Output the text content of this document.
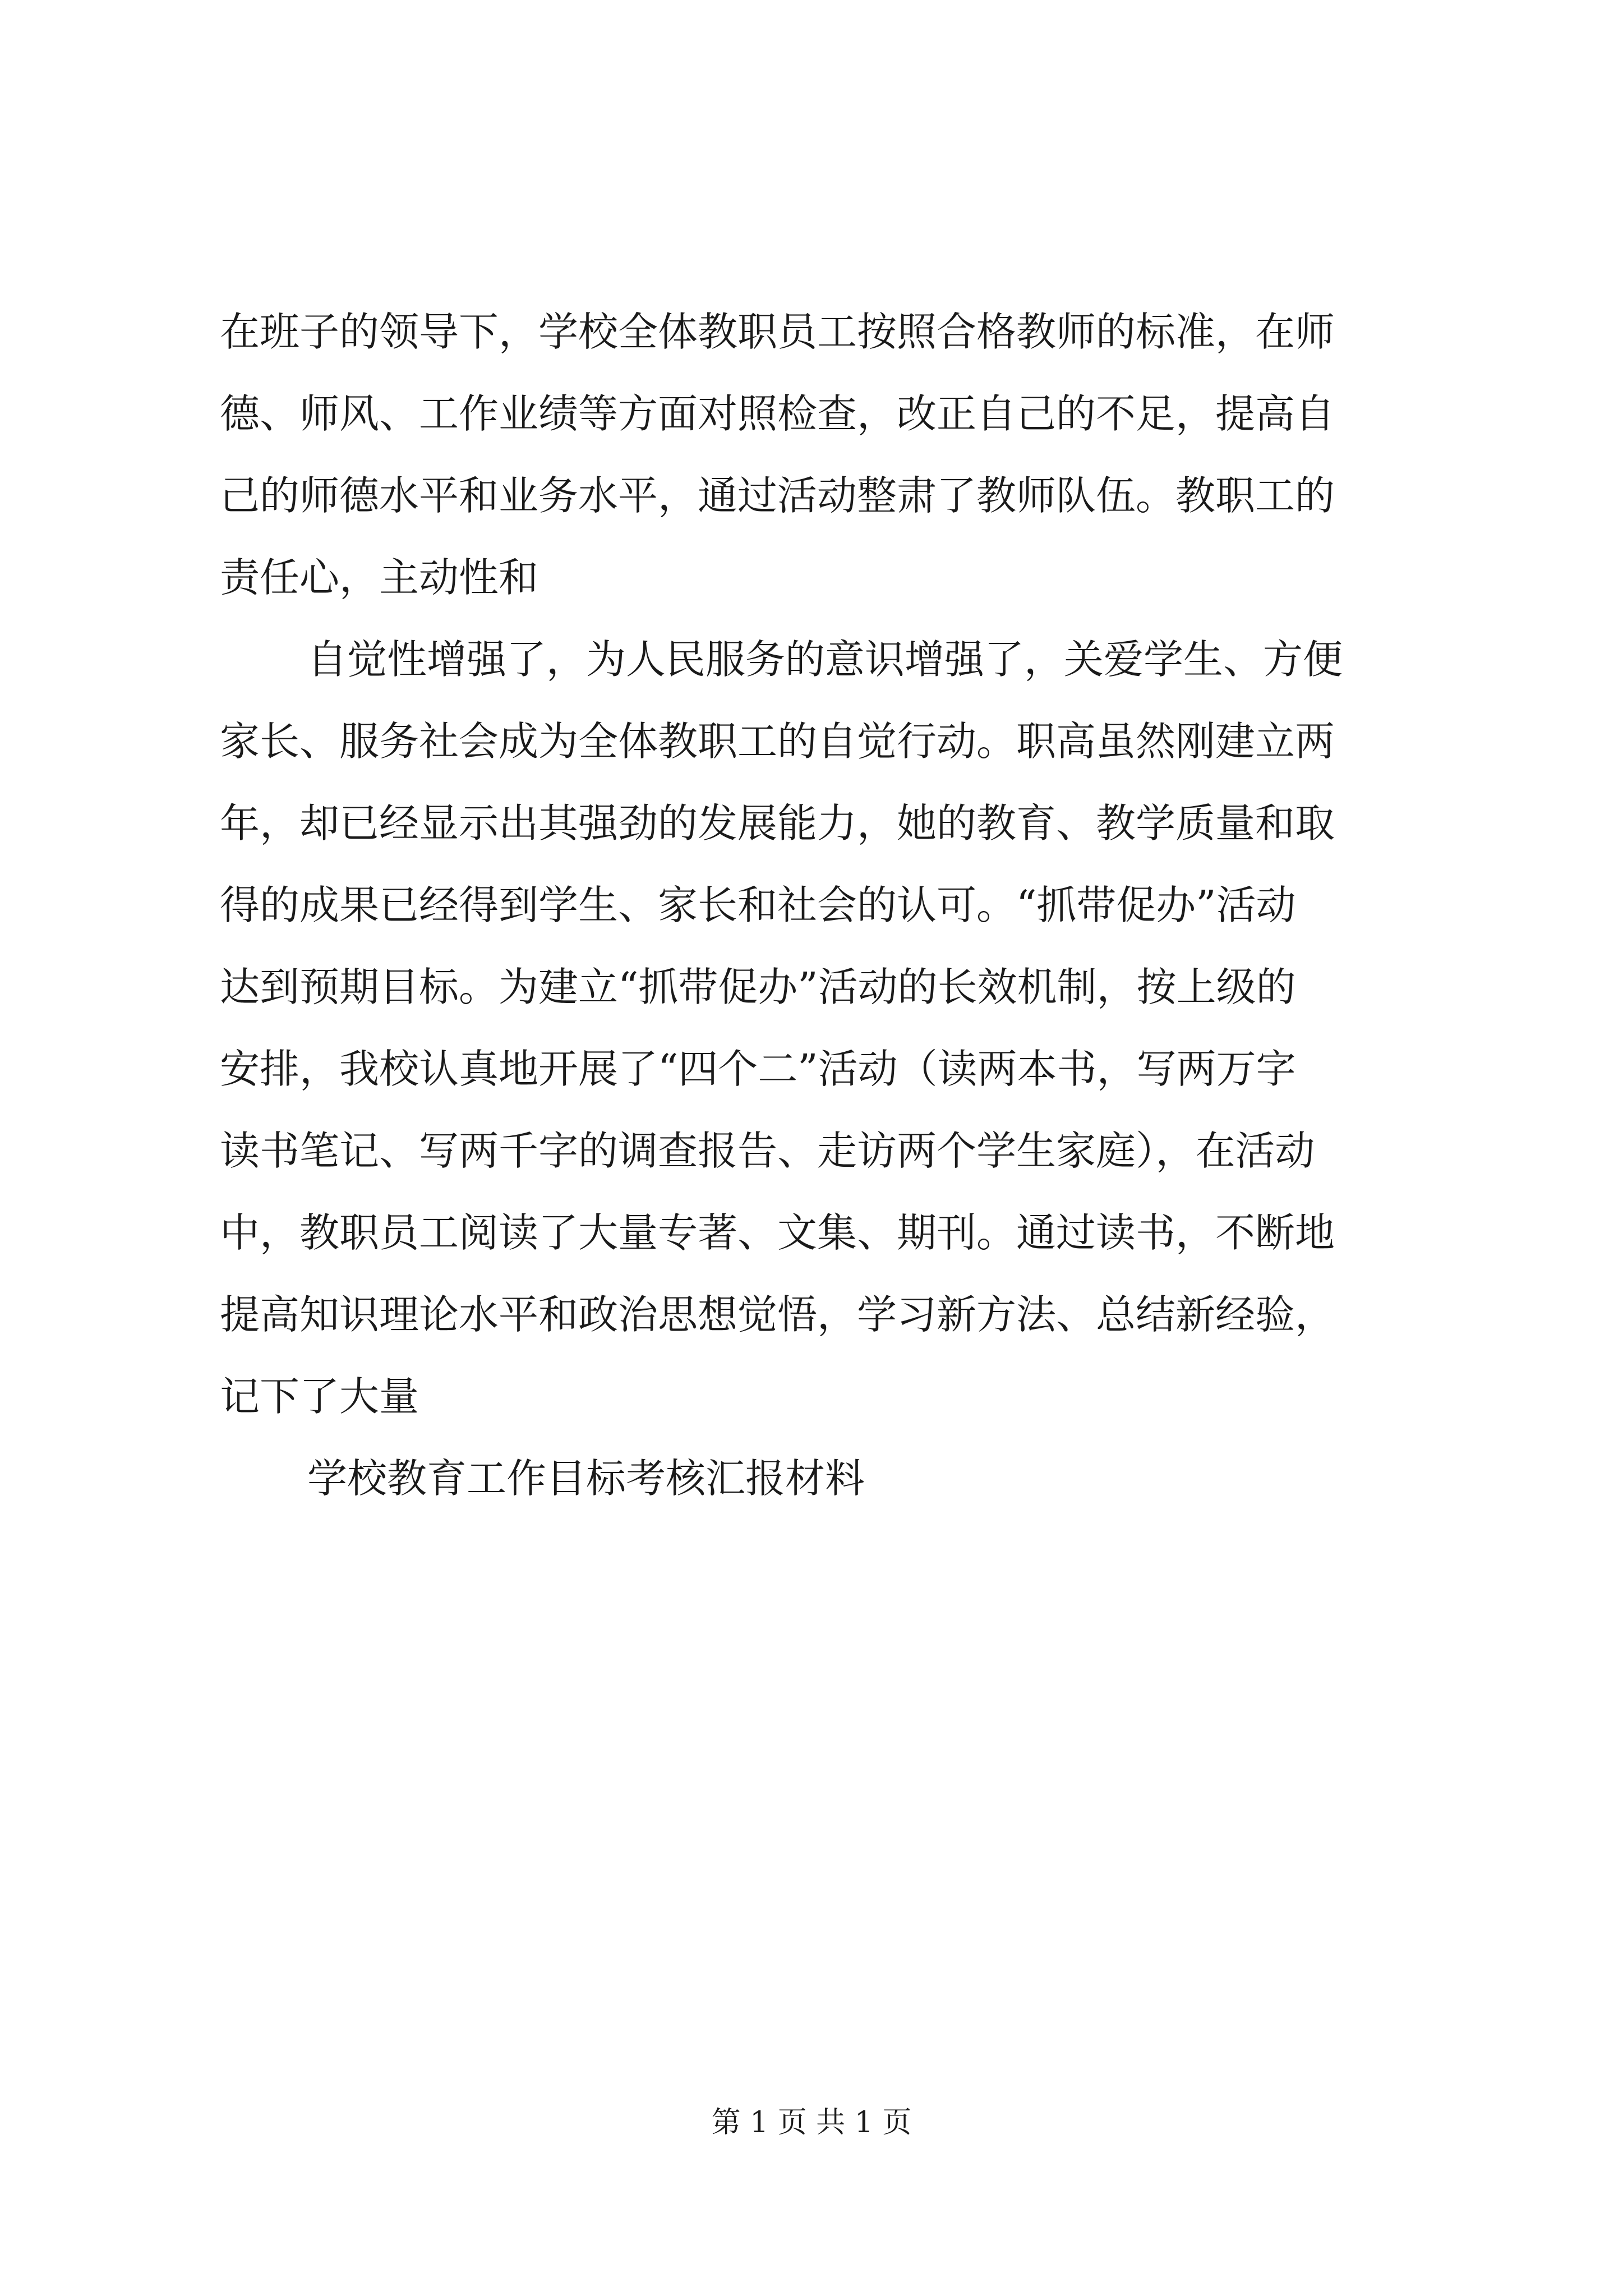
在班子的领导下，学校全体教职员工按照合格教师的标准，在师

德、师风、工作业绩等方面对照检查，改正自己的不足，提高自

己的师德水平和业务水平，通过活动整肃了教师队伍。教职工的

责任心，主动性和

自觉性增强了，为人民服务的意识增强了，关爱学生、方便

家长、服务社会成为全体教职工的自觉行动。职高虽然刚建立两

年，却已经显示出其强劲的发展能力，她的教育、教学质量和取

得的成果已经得到学生、家长和社会的认可。“抓带促办”活动

达到预期目标。为建立“抓带促办”活动的长效机制，按上级的

安排，我校认真地开展了“四个二”活动（读两本书，写两万字

读书笔记、写两千字的调查报告、走访两个学生家庭），在活动

中，教职员工阅读了大量专著、文集、期刊。通过读书，不断地

提高知识理论水平和政治思想觉悟，学习新方法、总结新经验，

记下了大量

学校教育工作目标考核汇报材料

第 1 页 共 1 页
